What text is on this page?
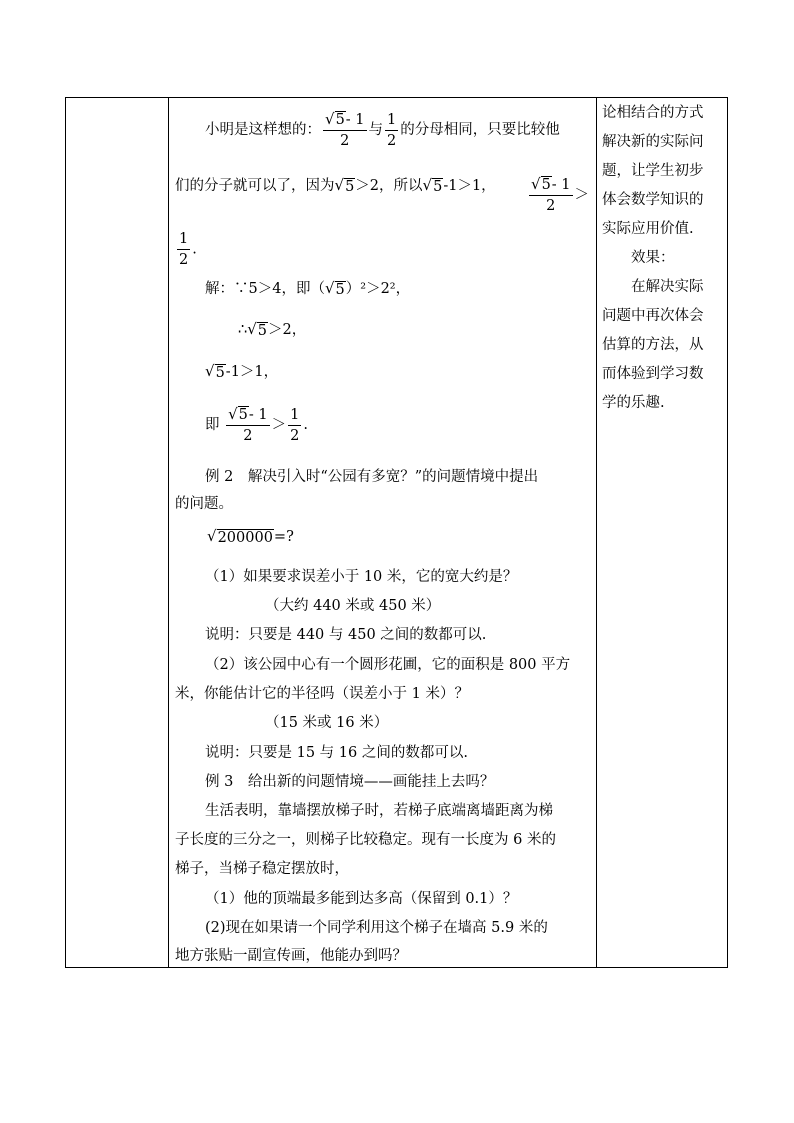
小明是这样想的： $\frac{√ 5 - 1}{2}$ 与 $\frac{1}{2}$ 的分母相同，只要比较他
们的分子就可以了，因为 √ 5 ＞2，所以 √ 5 -1＞1， $\frac{√ 5 - 1}{2}$ ＞
$\frac{1}{2}$ .
解：∵5＞4，即（ √ 5 ）²＞2²，
∴ √ 5 ＞2，
√ 5 -1＞1，
即 $\frac{√ 5 - 1}{2} > \frac{1}{2}$ .
例 2　解决引入时“公园有多宽？”的问题情境中提出
的问题。
√ 200000 =?
（1）如果要求误差小于 10 米，它的宽大约是？
（大约 440 米或 450 米）
说明：只要是 440 与 450 之间的数都可以.
（2）该公园中心有一个圆形花圃，它的面积是 800 平方
米，你能估计它的半径吗（误差小于 1 米）？
（15 米或 16 米）
说明：只要是 15 与 16 之间的数都可以.
例 3　给出新的问题情境——画能挂上去吗？
生活表明，靠墙摆放梯子时，若梯子底端离墙距离为梯
子长度的三分之一，则梯子比较稳定。现有一长度为 6 米的
梯子，当梯子稳定摆放时，
（1）他的顶端最多能到达多高（保留到 0.1）？
(2)现在如果请一个同学利用这个梯子在墙高 5.9 米的
地方张贴一副宣传画，他能办到吗？
论相结合的方式
解决新的实际问
题，让学生初步
体会数学知识的
实际应用价值.
效果：
在解决实际
问题中再次体会
估算的方法，从
而体验到学习数
学的乐趣.
